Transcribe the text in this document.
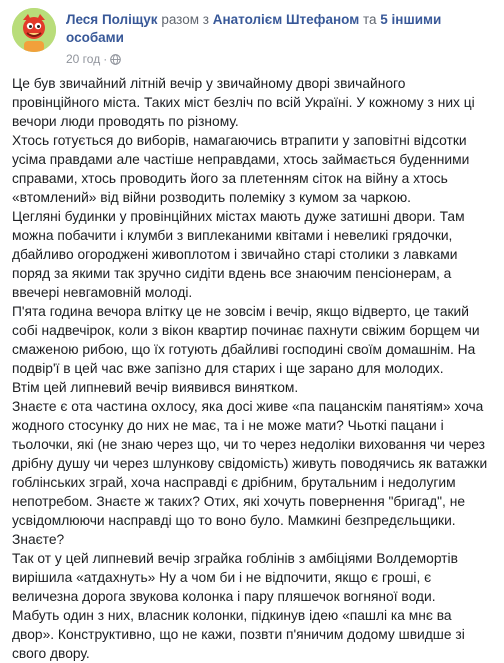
Леся Поліщук разом з Анатолієм Штефаном та 5 іншими особами
20 год ·

Це був звичайний літній вечір у звичайному дворі звичайного провінційного міста. Таких міст безліч по всій Україні. У кожному з них ці вечори люди проводять по різному.

Хтось готується до виборів, намагаючись втрапити у заповітні відсотки усіма правдами але частіше неправдами, хтось займається буденними справами, хтось проводить його за плетенням сіток на війну а хтось «втомлений» від війни розводить полеміку з кумом за чаркою.

Цегляні будинки у провінційних містах мають дуже затишні двори. Там можна побачити і клумби з виплеканими квітами і невеликі грядочки, дбайливо огороджені живоплотом і звичайно старі столики з лавками поряд за якими так зручно сидіти вдень все знаючим пенсіонерам, а ввечері невгамовній молоді.

П'ята година вечора влітку це не зовсім і вечір, якщо відверто, це такий собі надвечірок, коли з вікон квартир починає пахнути свіжим борщем чи смаженою рибою, що їх готують дбайливі господині своїм домашнім. На подвір'ї в цей час вже запізно для старих і ще зарано для молодих.

Втім цей липневий вечір виявився винятком.

Знаєте є ота частина охлосу, яка досі живе «па пацанскім панятіям» хоча жодного стосунку до них не має, та і не може мати? Чьоткі пацани і тьолочки, які (не знаю через що, чи то через недоліки виховання чи через дрібну душу чи через шлункову свідомість) живуть поводячись як ватажки гоблінських зграй, хоча насправді є дрібним, брутальним і недолугим непотребом. Знаєте ж таких? Отих, які хочуть повернення "бригад", не усвідомлюючи насправді що то воно було. Мамкині безпредєльщики. Знаєте?

Так от у цей липневий вечір зграйка гоблінів з амбіціями Волдемортів вирішила «атдахнуть» Ну а чом би і не відпочити, якщо є гроші, є величезна дорога звукова колонка і пару пляшечок вогняної води.

Мабуть один з них, власник колонки, підкинув ідею «пашлі ка мнє ва двор». Конструктивно, що не кажи, позвти п'яничим додому швидше зі свого двору.
